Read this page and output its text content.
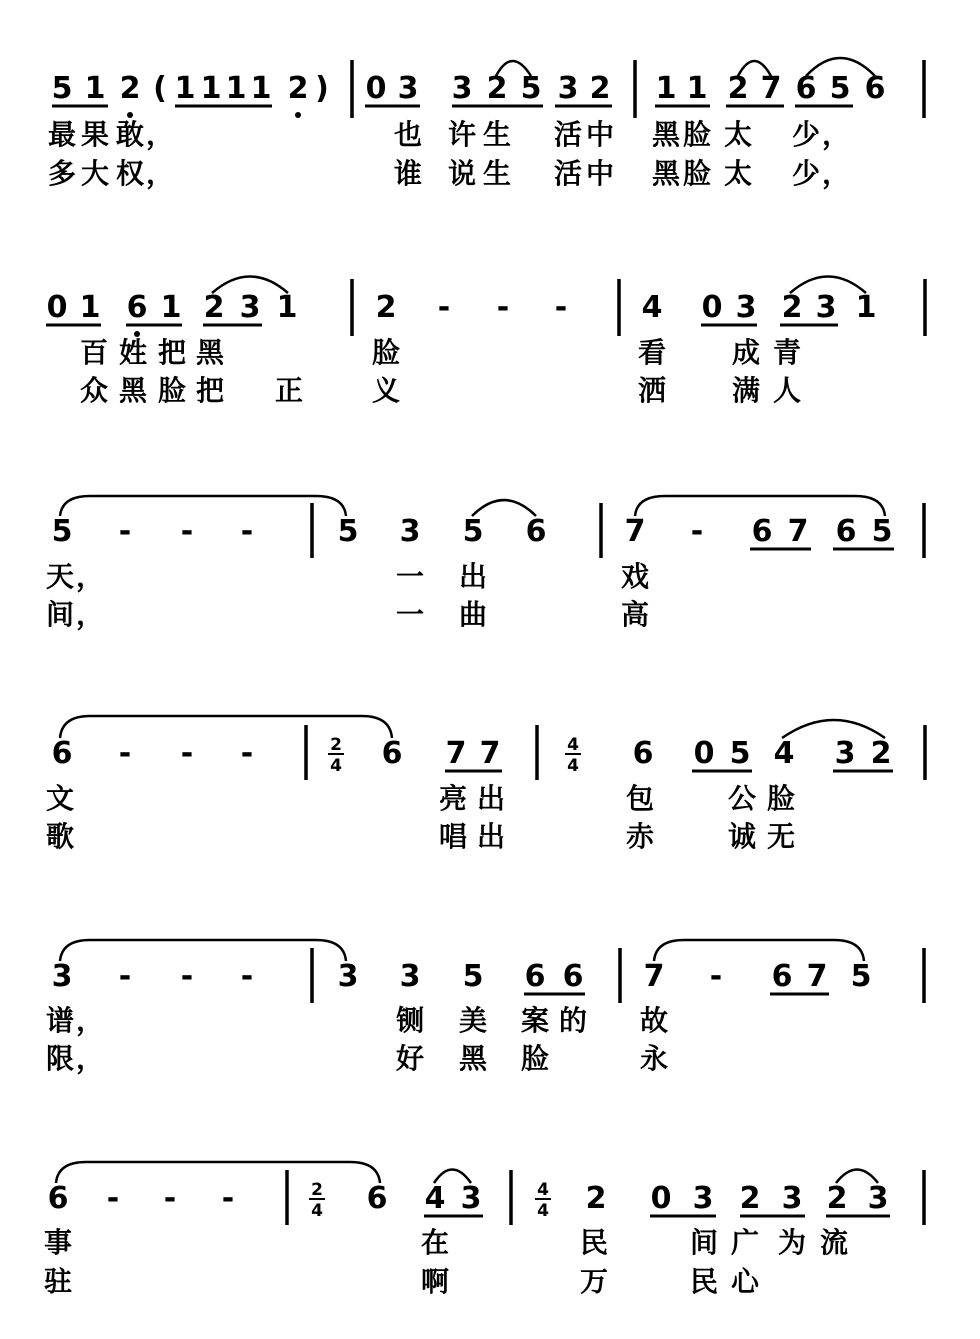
5 1 2 ( 1 1 1 1 2 ) 0 3 3 2 5 3 2 1 1 2 7 6 5 6
最 果 敢 ，	也 许 生 活 中 黑 脸 太 少 ，
多 大 权 ，	谁 说 生 活 中 黑 脸 太 少 ，
0 1 6 1 2 3 1	2 - - - 4 0 3 2 3 1
百 姓 把 黑	脸	看 成 青
众 黑 脸 把 正 义	洒 满 人
5 - - -	5 3 5 6	7 - 6 7 6 5
天 ，	一 出	戏
间 ，	一 曲	高
6 - - -	6 7 7	6 0 5 4 3 2
2
4
4
4
文	亮 出	包	公 脸
歌	唱 出	赤	诚 无
3 - - -	3 3 5 6 6 7 - 6 7 5
谱 ，	铡 美 案 的 故
限 ，	好 黑 脸	永
6 - - -	6 4 3	2 0 3 2 3 2 3
2
4
4
4
事	在	民	间 广 为 流
驻	啊	万	民 心
